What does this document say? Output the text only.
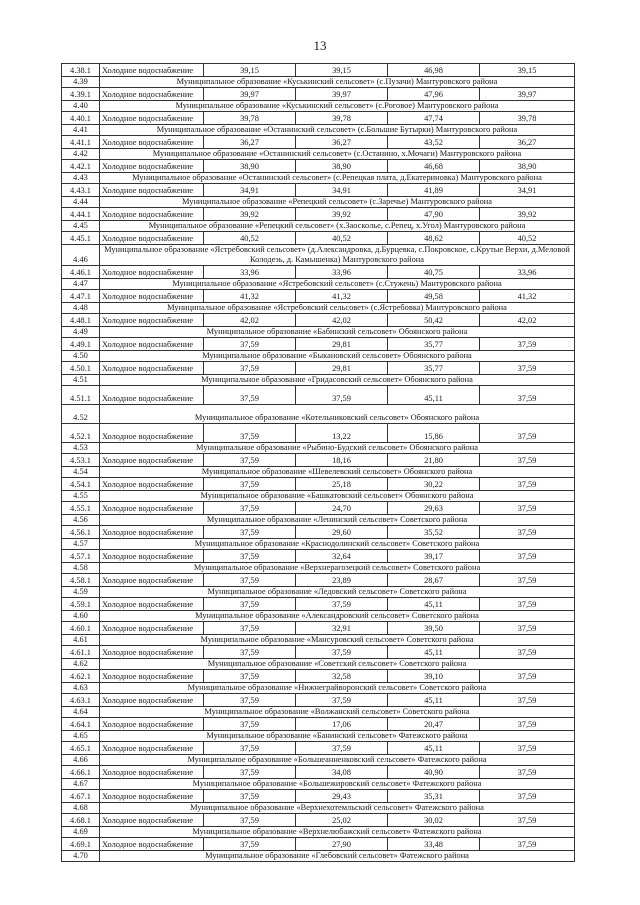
13
4.38.1	Холодное водоснабжение	39,15	39,15	46,98	39,15
4.39	Муниципальное образование «Куськинский сельсовет» (с.Пузачи) Мантуровского района				
4.39.1	Холодное водоснабжение	39,97	39,97	47,96	39,97
4.40	Муниципальное образование «Куськинский сельсовет» (с.Роговое) Мантуровского района				
4.40.1	Холодное водоснабжение	39,78	39,78	47,74	39,78
4.41	Муниципальное образование «Останинский сельсовет» (с.Большие Бутырки) Мантуровского района				
4.41.1	Холодное водоснабжение	36,27	36,27	43,52	36,27
4.42	Муниципальное образование «Останинский сельсовет» (с.Останино, х.Мочаги) Мантуровского района				
4.42.1	Холодное водоснабжение	38,90	38,90	46,68	38,90
4.43	Муниципальное образование «Останинский сельсовет» (с.Репецкая плата, д.Екатериновка) Мантуровского района				
4.43.1	Холодное водоснабжение	34,91	34,91	41,89	34,91
4.44	Муниципальное образование «Репецкий сельсовет» (с.Заречье) Мантуровского района				
4.44.1	Холодное водоснабжение	39,92	39,92	47,90	39,92
4.45	Муниципальное образование «Репецкий сельсовет» (х.Заосколье, с.Репец, х.Угол) Мантуровского района				
4.45.1	Холодное водоснабжение	40,52	40,52	48,62	40,52
4.46	Муниципальное образование «Ястребовский сельсовет» (д.Александровка, д.Бурцевка, с.Покровское, с.Крутые Верхи, д.Меловой Колодезь, д. Камышенка) Мантуровского района				
4.46.1	Холодное водоснабжение	33,96	33,96	40,75	33,96
4.47	Муниципальное образование «Ястребовский сельсовет» (с.Стужень) Мантуровского района				
4.47.1	Холодное водоснабжение	41,32	41,32	49,58	41,32
4.48	Муниципальное образование «Ястребовский сельсовет» (с.Ястребовка) Мантуровского района				
4.48.1	Холодное водоснабжение	42,02	42,02	50,42	42,02
4.49	Муниципальное образование «Бабинский сельсовет» Обоянского района				
4.49.1	Холодное водоснабжение	37,59	29,81	35,77	37,59
4.50	Муниципальное образование «Быкановский сельсовет» Обоянского района				
4.50.1	Холодное водоснабжение	37,59	29,81	35,77	37,59
4.51	Муниципальное образование «Гридасовский сельсовет» Обоянского района				
4.51.1	Холодное водоснабжение	37,59	37,59	45,11	37,59
4.52	Муниципальное образование «Котельниковский сельсовет» Обоянского района				
4.52.1	Холодное водоснабжение	37,59	13,22	15,86	37,59
4.53	Муниципальное образование «Рыбино-Будский сельсовет» Обоянского района				
4.53.1	Холодное водоснабжение	37,59	18,16	21,80	37,59
4.54	Муниципальное образование «Шевелевский сельсовет» Обоянского района				
4.54.1	Холодное водоснабжение	37,59	25,18	30,22	37,59
4.55	Муниципальное образование «Башкатовский сельсовет» Обоянского района				
4.55.1	Холодное водоснабжение	37,59	24,70	29,63	37,59
4.56	Муниципальное образование «Ленинский сельсовет» Советского района				
4.56.1	Холодное водоснабжение	37,59	29,60	35,52	37,59
4.57	Муниципальное образование «Краснодолинский сельсовет» Советского района				
4.57.1	Холодное водоснабжение	37,59	32,64	39,17	37,59
4.58	Муниципальное образование «Верхнерагозецкий сельсовет» Советского района				
4.58.1	Холодное водоснабжение	37,59	23,89	28,67	37,59
4.59	Муниципальное образование «Ледовский сельсовет» Советского района				
4.59.1	Холодное водоснабжение	37,59	37,59	45,11	37,59
4.60	Муниципальное образование «Александровский сельсовет» Советского района				
4.60.1	Холодное водоснабжение	37,59	32,91	39,50	37,59
4.61	Муниципальное образование «Мансуровский сельсовет» Советского района				
4.61.1	Холодное водоснабжение	37,59	37,59	45,11	37,59
4.62	Муниципальное образование «Советский сельсовет» Советского района				
4.62.1	Холодное водоснабжение	37,59	32,58	39,10	37,59
4.63	Муниципальное образование «Нижнеграйворонский сельсовет» Советского района				
4.63.1	Холодное водоснабжение	37,59	37,59	45,11	37,59
4.64	Муниципальное образование «Волжанский сельсовет» Советского района				
4.64.1	Холодное водоснабжение	37,59	17,06	20,47	37,59
4.65	Муниципальное образование «Банинский сельсовет» Фатежского района				
4.65.1	Холодное водоснабжение	37,59	37,59	45,11	37,59
4.66	Муниципальное образование «Большеанненковский сельсовет» Фатежского района				
4.66.1	Холодное водоснабжение	37,59	34,08	40,90	37,59
4.67	Муниципальное образование «Большежировский сельсовет» Фатежского района				
4.67.1	Холодное водоснабжение	37,59	29,43	35,31	37,59
4.68	Муниципальное образование «Верхнехотемльский сельсовет» Фатежского района				
4.68.1	Холодное водоснабжение	37,59	25,02	30,02	37,59
4.69	Муниципальное образование «Верхнелюбажский сельсовет» Фатежского района				
4.69.1	Холодное водоснабжение	37,59	27,90	33,48	37,59
4.70	Муниципальное образование «Глебовский сельсовет» Фатежского района				
